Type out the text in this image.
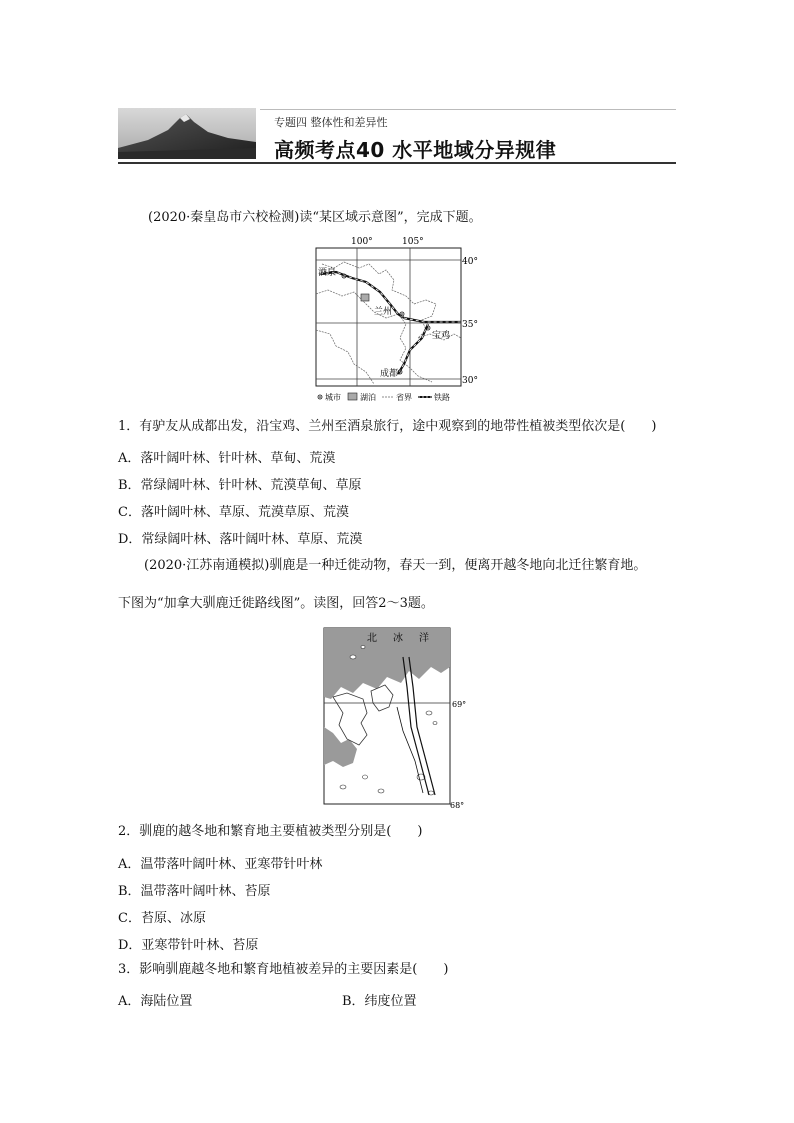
专题四 整体性和差异性
高频考点40 水平地域分异规律
(2020·秦皇岛市六校检测)读“某区域示意图”，完成下题。
100°	105°
40°
35°
30°
酒泉
兰州
宝鸡
成都
城市 湖泊	省界	铁路
1．有驴友从成都出发，沿宝鸡、兰州至酒泉旅行，途中观察到的地带性植被类型依次是(　　)
A．落叶阔叶林、针叶林、草甸、荒漠
B．常绿阔叶林、针叶林、荒漠草甸、草原
C．落叶阔叶林、草原、荒漠草原、荒漠
D．常绿阔叶林、落叶阔叶林、草原、荒漠
(2020·江苏南通模拟)驯鹿是一种迁徙动物，春天一到，便离开越冬地向北迁往繁育地。
下图为“加拿大驯鹿迁徙路线图”。读图，回答2～3题。
北 冰 洋
69°
68°
2．驯鹿的越冬地和繁育地主要植被类型分别是(　　)
A．温带落叶阔叶林、亚寒带针叶林
B．温带落叶阔叶林、苔原
C．苔原、冰原
D．亚寒带针叶林、苔原
3．影响驯鹿越冬地和繁育地植被差异的主要因素是(　　)
A．海陆位置	B．纬度位置
